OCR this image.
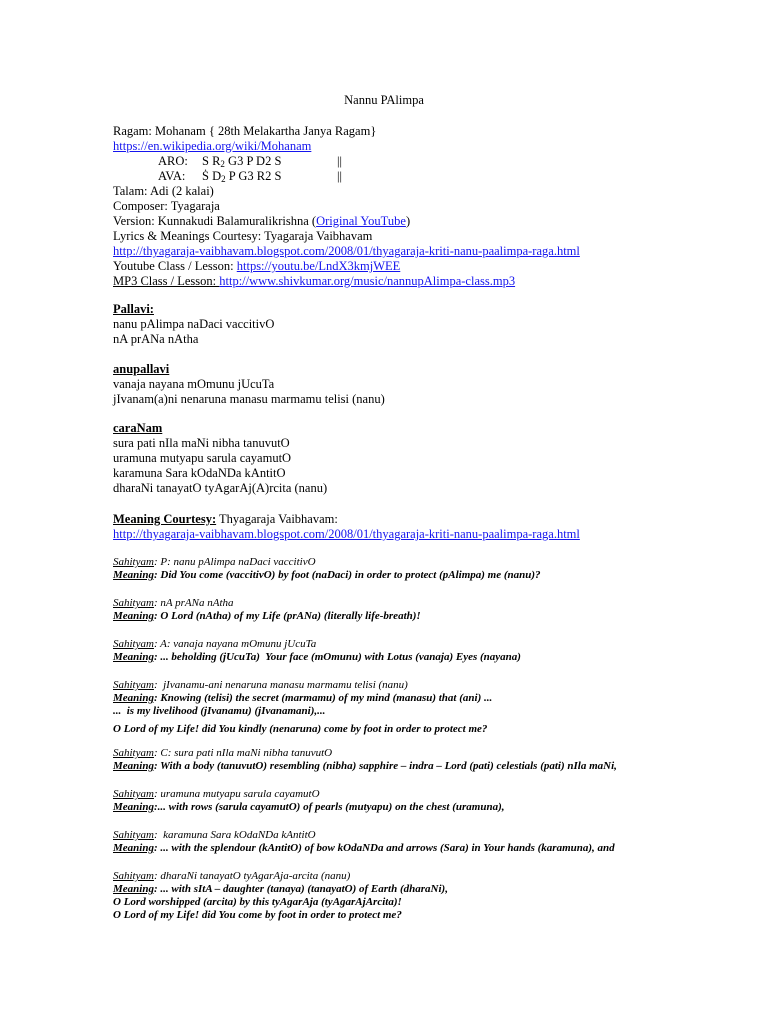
Nannu PAlimpa
Ragam: Mohanam { 28th Melakartha Janya Ragam}
https://en.wikipedia.org/wiki/Mohanam
ARO: S $R_2$ G3 P D2 S	||
AVA: Ṡ $D_2$ P G3 R2 S	||
Talam: Adi (2 kalai)
Composer: Tyagaraja
Version: Kunnakudi Balamuralikrishna (Original YouTube)
Lyrics & Meanings Courtesy: Tyagaraja Vaibhavam
http://thyagaraja-vaibhavam.blogspot.com/2008/01/thyagaraja-kriti-nanu-paalimpa-raga.html
Youtube Class / Lesson: https://youtu.be/LndX3kmjWEE
MP3 Class / Lesson: http://www.shivkumar.org/music/nannupAlimpa-class.mp3
Pallavi:
nanu pAlimpa naDaci vaccitivO
nA prANa nAtha
anupallavi
vanaja nayana mOmunu jUcuTa
jIvanam(a)ni nenaruna manasu marmamu telisi (nanu)
caraNam
sura pati nIla maNi nibha tanuvutO
uramuna mutyapu sarula cayamutO
karamuna Sara kOdaNDa kAntitO
dharaNi tanayatO tyAgarAj(A)rcita (nanu)
Meaning Courtesy: Thyagaraja Vaibhavam:
http://thyagaraja-vaibhavam.blogspot.com/2008/01/thyagaraja-kriti-nanu-paalimpa-raga.html
Sahityam: P: nanu pAlimpa naDaci vaccitivO
Meaning: Did You come (vaccitivO) by foot (naDaci) in order to protect (pAlimpa) me (nanu)?
Sahityam: nA prANa nAtha
Meaning: O Lord (nAtha) of my Life (prANa) (literally life-breath)!
Sahityam: A: vanaja nayana mOmunu jUcuTa
Meaning: ... beholding (jUcuTa)  Your face (mOmunu) with Lotus (vanaja) Eyes (nayana)
Sahityam:  jIvanamu-ani nenaruna manasu marmamu telisi (nanu)
Meaning: Knowing (telisi) the secret (marmamu) of my mind (manasu) that (ani) ...
...  is my livelihood (jIvanamu) (jIvanamani),...
O Lord of my Life! did You kindly (nenaruna) come by foot in order to protect me?
Sahityam: C: sura pati nIla maNi nibha tanuvutO
Meaning: With a body (tanuvutO) resembling (nibha) sapphire – indra – Lord (pati) celestials (pati) nIla maNi,
Sahityam: uramuna mutyapu sarula cayamutO
Meaning:... with rows (sarula cayamutO) of pearls (mutyapu) on the chest (uramuna),
Sahityam:  karamuna Sara kOdaNDa kAntitO
Meaning: ... with the splendour (kAntitO) of bow kOdaNDa and arrows (Sara) in Your hands (karamuna), and
Sahityam: dharaNi tanayatO tyAgarAja-arcita (nanu)
Meaning: ... with sItA – daughter (tanaya) (tanayatO) of Earth (dharaNi),
O Lord worshipped (arcita) by this tyAgarAja (tyAgarAjArcita)!
O Lord of my Life! did You come by foot in order to protect me?
